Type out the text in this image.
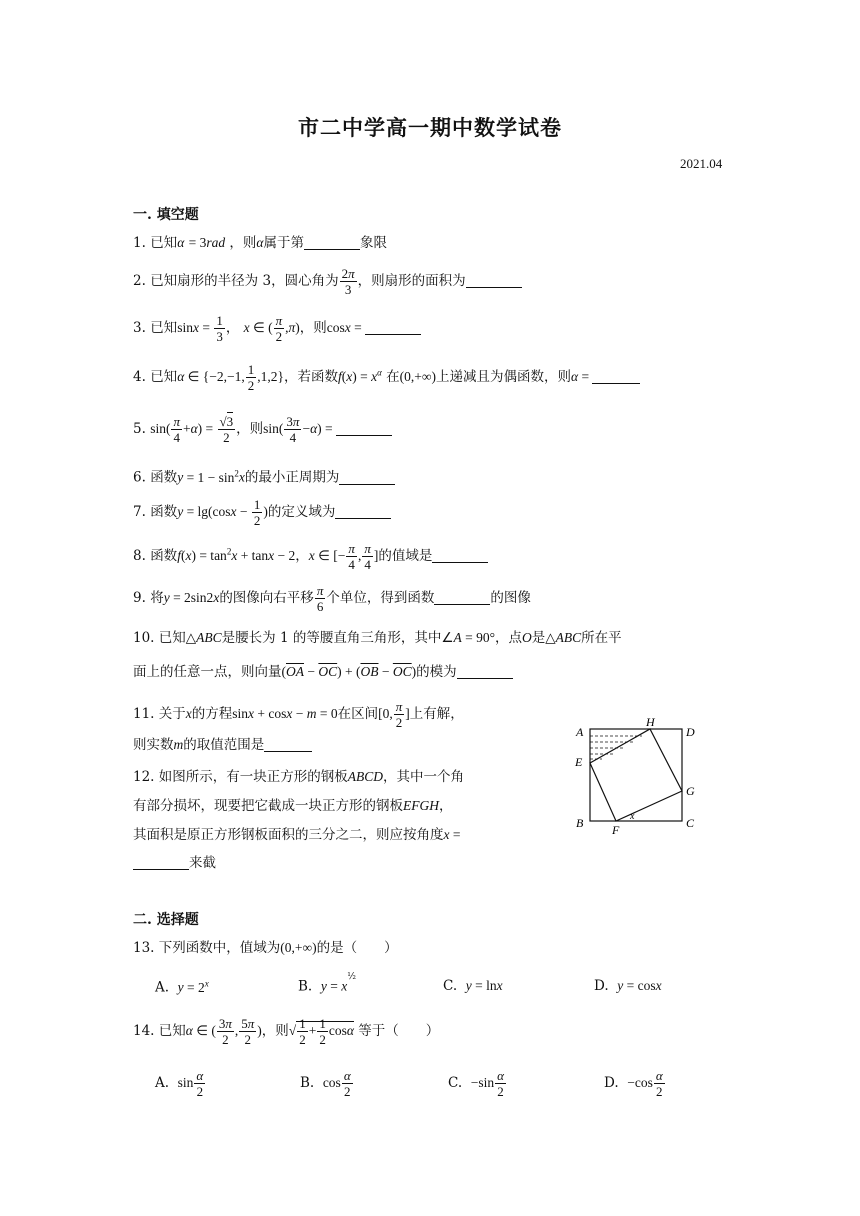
市二中学高一期中数学试卷
2021.04
一. 填空题
1. 已知α = 3rad ，则α属于第	象限
2. 已知扇形的半径为 3，圆心角为 $\frac{2\pi}{3}$ ，则扇形的面积为
3. 已知$\sin x = \frac{1}{3}$ ， x ∈ ( $\frac{\pi}{2} ,\pi$)，则cosx =
4. 已知α ∈ {−2,−1, $\frac{1}{2} ,1,2$}，若函数$f(x) = x^\alpha$ 在(0,+∞)上递减且为偶函数，则α =
5. $\sin( \frac{\pi}{4} +\alpha) = \frac{√3}{2}$ ，则$\sin( \frac{3\pi}{4} -\alpha)$ =
6. 函数$y = 1 - \sin^2x$的最小正周期为
7. 函数$y = \lg(\cos x - \frac{1}{2}$ )的定义域为
8. 函数$f(x) = \tan^2x + \tan x - 2$，x ∈ [− $\frac{\pi}{4}$ , $\frac{\pi}{4}$ ]的值域是
9. 将y = 2sin2x的图像向右平移 $\frac{\pi}{6}$ 个单位，得到函数	的图像
10. 已知△ABC是腰长为 1 的等腰直角三角形，其中∠A = 90°，点O是△ABC所在平
面上的任意一点，则向量$(\overline{OA} - \overline{OC}) + (\overline{OB} - \overline{OC})$的模为
11. 关于x的方程sinx + cosx − m = 0在区间[0, $\frac{\pi}{2}$ ]上有解，
则实数m的取值范围是
12. 如图所示，有一块正方形的钢板ABCD，其中一个角
有部分损坏，现要把它截成一块正方形的钢板EFGH，
其面积是原正方形钢板面积的三分之二，则应按角度x =
来截
A
H
D
E
G
B F	C
x
二. 选择题
13. 下列函数中，值域为(0,+∞)的是（　　）
A. $y = 2^x$	B. $y = x^{\frac{1}{2}}$
C. y = lnx	D. y = cosx
14. 已知α ∈ ( $\frac{3\pi}{2}$ , $\frac{5\pi}{2}$ )，则√ $\frac{1}{2} + \frac{1}{2}$ cosα 等于（　　）
A. $\sin \frac{\alpha}{2}$	B. $\cos \frac{\alpha}{2}$	C. $-\sin \frac{\alpha}{2}$	D. $-\cos \frac{\alpha}{2}$
